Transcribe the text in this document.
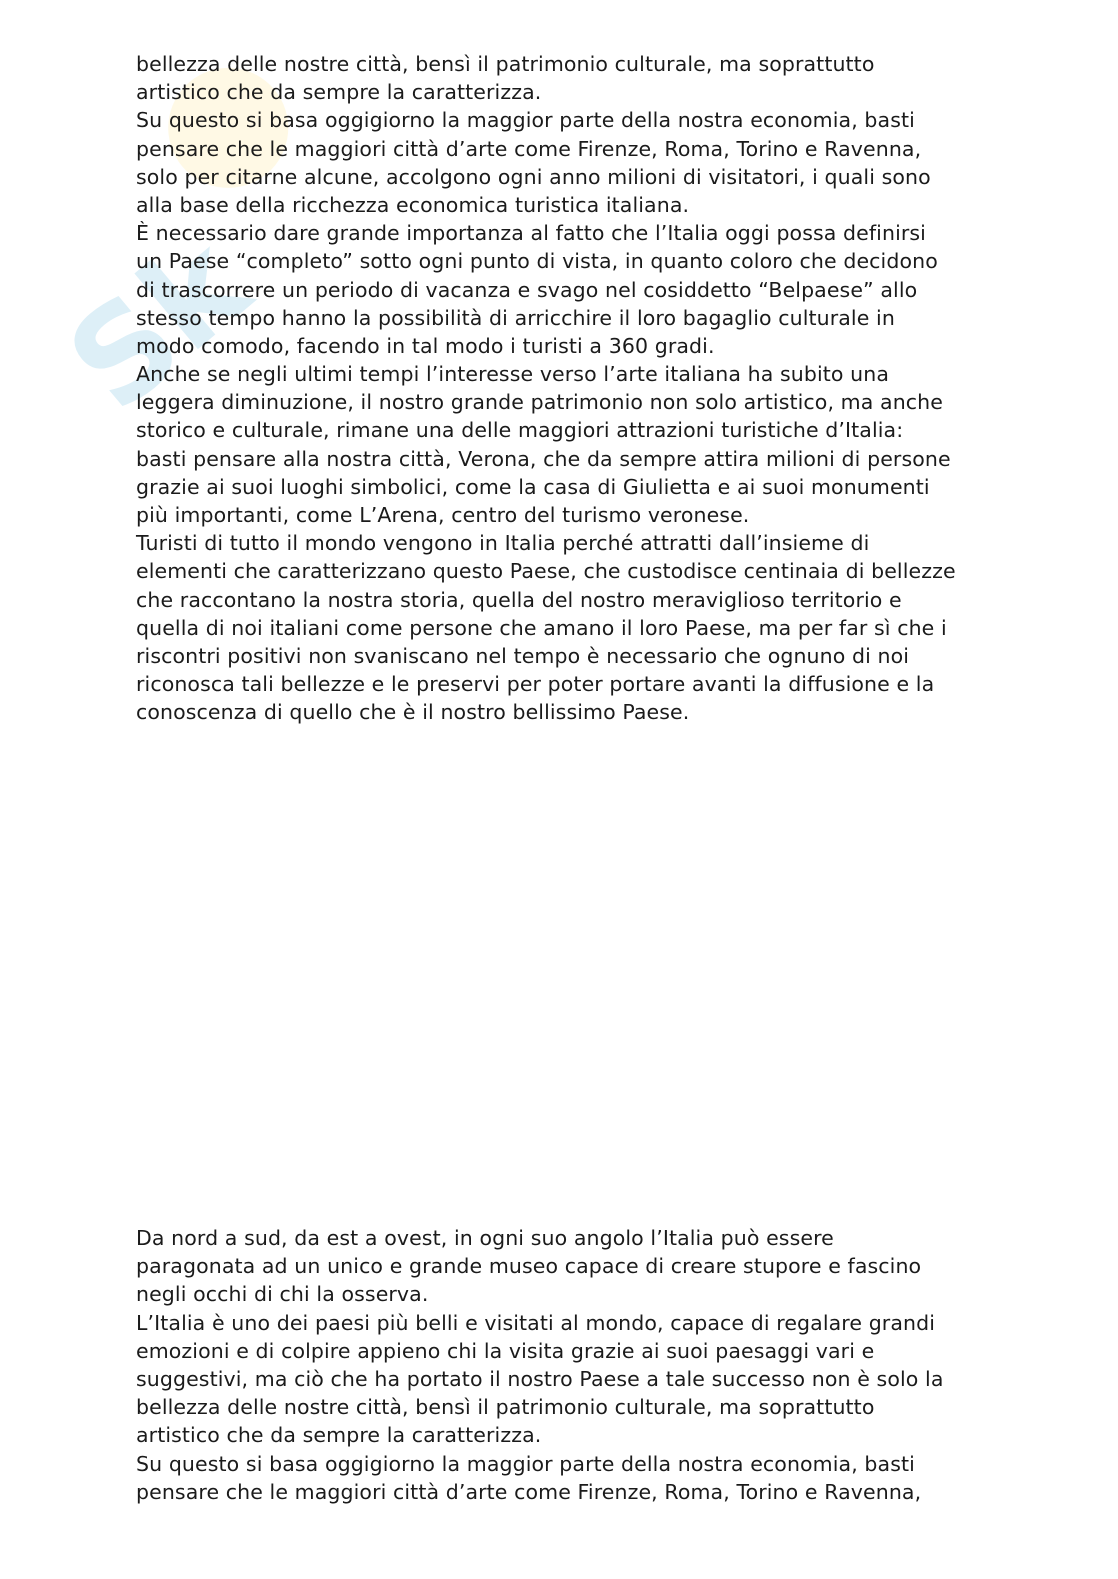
Sk
bellezza delle nostre città, bensì il patrimonio culturale, ma soprattutto
artistico che da sempre la caratterizza.
Su questo si basa oggigiorno la maggior parte della nostra economia, basti
pensare che le maggiori città d’arte come Firenze, Roma, Torino e Ravenna,
solo per citarne alcune, accolgono ogni anno milioni di visitatori, i quali sono
alla base della ricchezza economica turistica italiana.
È necessario dare grande importanza al fatto che l’Italia oggi possa definirsi
un Paese “completo” sotto ogni punto di vista, in quanto coloro che decidono
di trascorrere un periodo di vacanza e svago nel cosiddetto “Belpaese” allo
stesso tempo hanno la possibilità di arricchire il loro bagaglio culturale in
modo comodo, facendo in tal modo i turisti a 360 gradi.
Anche se negli ultimi tempi l’interesse verso l’arte italiana ha subito una
leggera diminuzione, il nostro grande patrimonio non solo artistico, ma anche
storico e culturale, rimane una delle maggiori attrazioni turistiche d’Italia:
basti pensare alla nostra città, Verona, che da sempre attira milioni di persone
grazie ai suoi luoghi simbolici, come la casa di Giulietta e ai suoi monumenti
più importanti, come L’Arena, centro del turismo veronese.
Turisti di tutto il mondo vengono in Italia perché attratti dall’insieme di
elementi che caratterizzano questo Paese, che custodisce centinaia di bellezze
che raccontano la nostra storia, quella del nostro meraviglioso territorio e
quella di noi italiani come persone che amano il loro Paese, ma per far sì che i
riscontri positivi non svaniscano nel tempo è necessario che ognuno di noi
riconosca tali bellezze e le preservi per poter portare avanti la diffusione e la
conoscenza di quello che è il nostro bellissimo Paese.
Da nord a sud, da est a ovest, in ogni suo angolo l’Italia può essere
paragonata ad un unico e grande museo capace di creare stupore e fascino
negli occhi di chi la osserva.
L’Italia è uno dei paesi più belli e visitati al mondo, capace di regalare grandi
emozioni e di colpire appieno chi la visita grazie ai suoi paesaggi vari e
suggestivi, ma ciò che ha portato il nostro Paese a tale successo non è solo la
bellezza delle nostre città, bensì il patrimonio culturale, ma soprattutto
artistico che da sempre la caratterizza.
Su questo si basa oggigiorno la maggior parte della nostra economia, basti
pensare che le maggiori città d’arte come Firenze, Roma, Torino e Ravenna,
